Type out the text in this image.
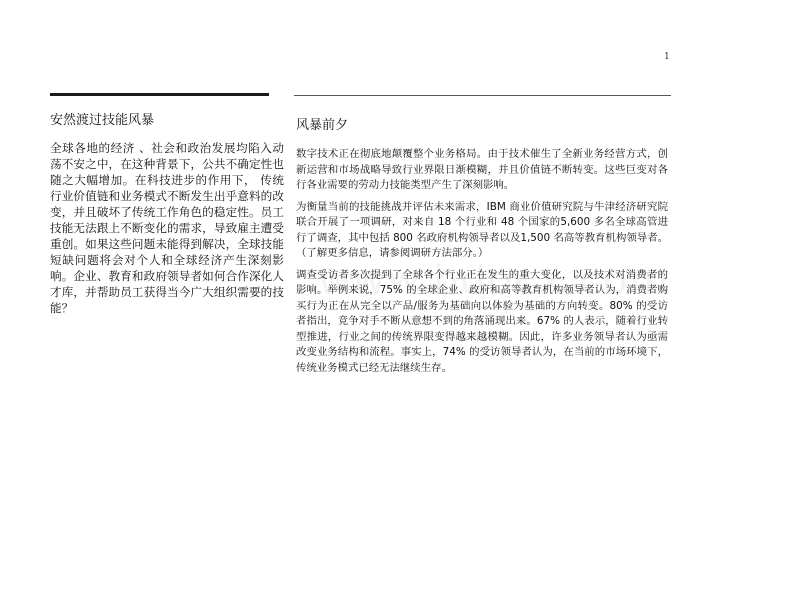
1
安然渡过技能风暴
全球各地的经济 、社会和政治发展均陷入动荡不安之中，在这种背景下，公共不确定性也随之大幅增加。在科技进步的作用下， 传统行业价值链和业务模式不断发生出乎意料的改变，并且破坏了传统工作角色的稳定性。员工技能无法跟上不断变化的需求，导致雇主遭受重创。如果这些问题未能得到解决，全球技能短缺问题将会对个人和全球经济产生深刻影响。企业、教育和政府领导者如何合作深化人才库，并帮助员工获得当今广大组织需要的技能？
风暴前夕

数字技术正在彻底地颠覆整个业务格局。由于技术催生了全新业务经营方式，创新运营和市场战略导致行业界限日渐模糊，并且价值链不断转变。这些巨变对各行各业需要的劳动力技能类型产生了深刻影响。

为衡量当前的技能挑战并评估未来需求，IBM 商业价值研究院与牛津经济研究院联合开展了一项调研，对来自 18 个行业和 48 个国家的5,600 多名全球高管进行了调查，其中包括 800 名政府机构领导者以及1,500 名高等教育机构领导者。（了解更多信息，请参阅调研方法部分。）

调查受访者多次提到了全球各个行业正在发生的重大变化，以及技术对消费者的影响。举例来说，75% 的全球企业、政府和高等教育机构领导者认为，消费者购买行为正在从完全以产品/服务为基础向以体验为基础的方向转变。80% 的受访者指出，竞争对手不断从意想不到的角落涌现出来。67% 的人表示，随着行业转型推进，行业之间的传统界限变得越来越模糊。因此，许多业务领导者认为亟需改变业务结构和流程。事实上，74% 的受访领导者认为，在当前的市场环境下，传统业务模式已经无法继续生存。
